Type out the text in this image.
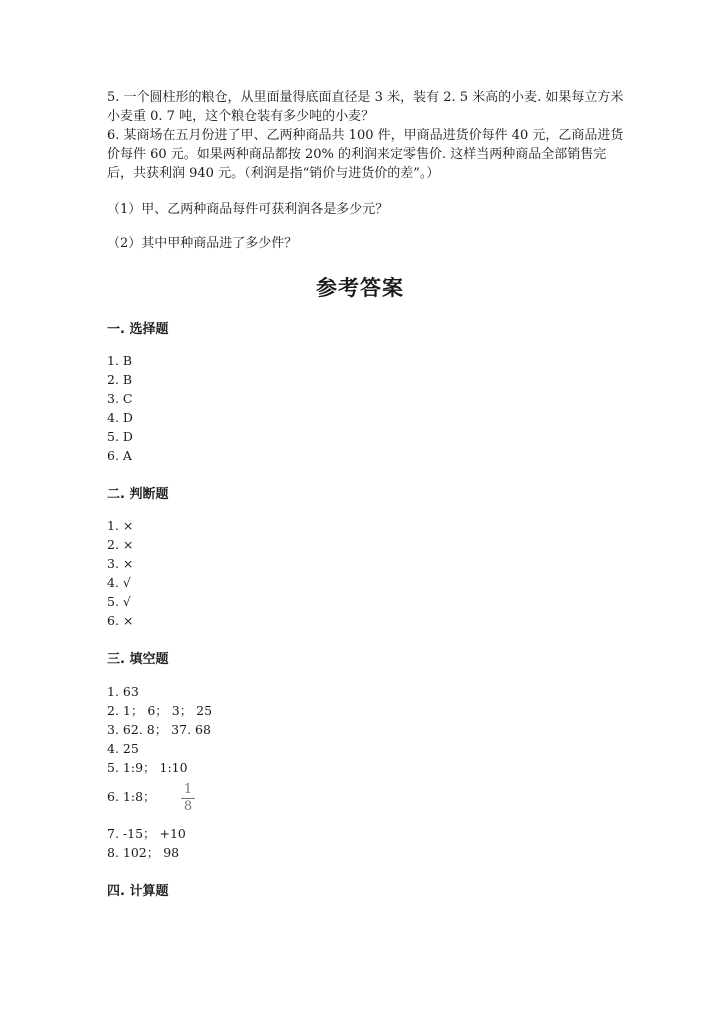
5. 一个圆柱形的粮仓，从里面量得底面直径是 3 米，装有 2. 5 米高的小麦. 如果每立方米小麦重 0. 7 吨，这个粮仓装有多少吨的小麦？

6. 某商场在五月份进了甲、乙两种商品共 100 件，甲商品进货价每件 40 元，乙商品进货价每件 60 元。如果两种商品都按 20% 的利润来定零售价. 这样当两种商品全部销售完后，共获利润 940 元。（利润是指“销价与进货价的差”。）

（1）甲、乙两种商品每件可获利润各是多少元？

（2）其中甲种商品进了多少件？

参考答案
一. 选择题
1. B
2. B
3. C
4. D
5. D
6. A
二. 判断题
1. ×
2. ×
3. ×
4. √
5. √
6. ×
三. 填空题
1. 63
2. 1； 6； 3； 25
3. 62. 8； 37. 68
4. 25
5. 1:9； 1:10
6. 1:8； 1
8
7. -15； +10
8. 102； 98
四. 计算题
